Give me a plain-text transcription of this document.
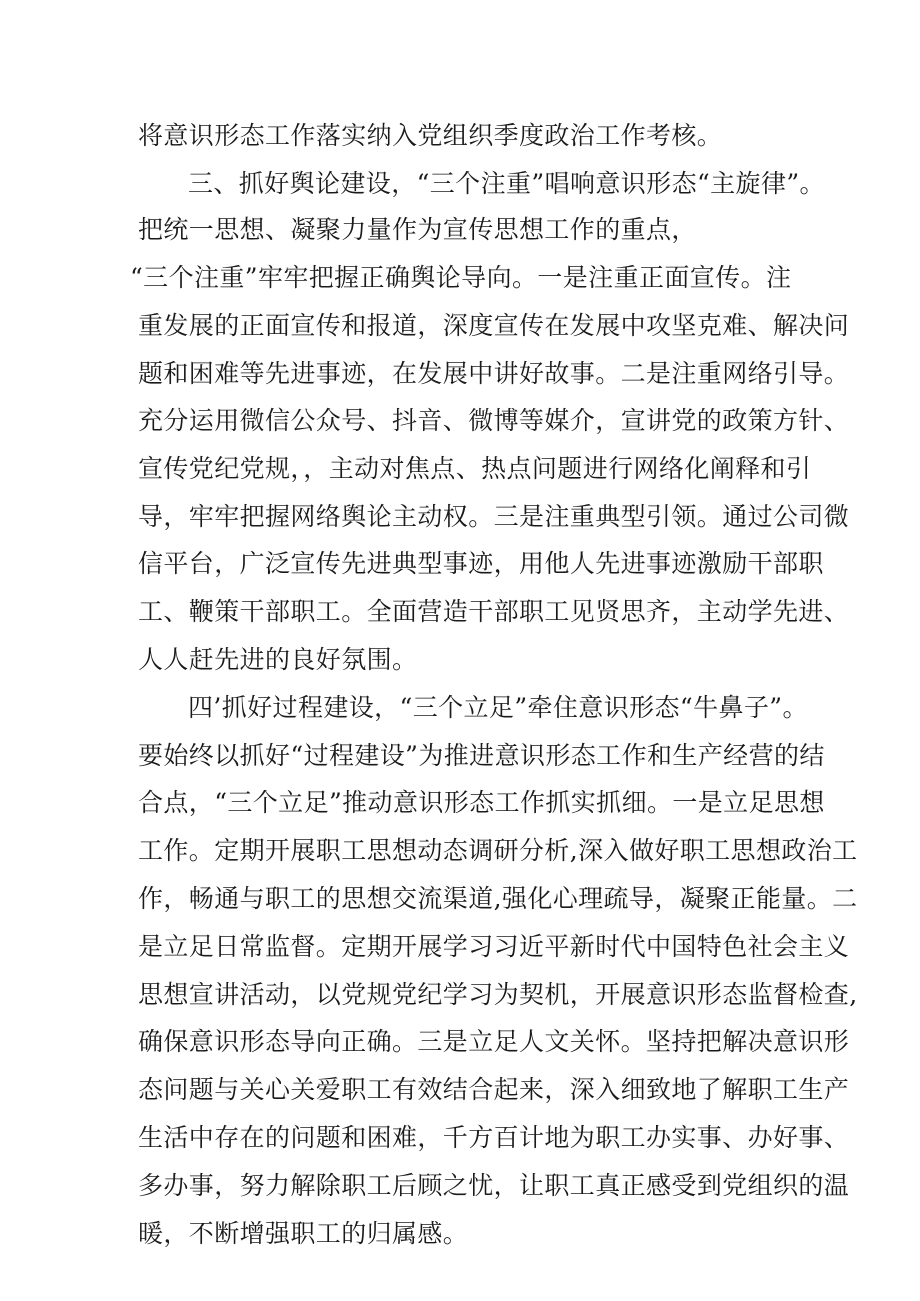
将意识形态工作落实纳入党组织季度政治工作考核。
三、抓好舆论建设，“三个注重”唱响意识形态“主旋律”。
把统一思想、凝聚力量作为宣传思想工作的重点，
“三个注重”牢牢把握正确舆论导向。一是注重正面宣传。注
重发展的正面宣传和报道，深度宣传在发展中攻坚克难、解决问
题和困难等先进事迹，在发展中讲好故事。二是注重网络引导。
充分运用微信公众号、抖音、微博等媒介，宣讲党的政策方针、
宣传党纪党规，，主动对焦点、热点问题进行网络化阐释和引
导，牢牢把握网络舆论主动权。三是注重典型引领。通过公司微
信平台，广泛宣传先进典型事迹，用他人先进事迹激励干部职
工、鞭策干部职工。全面营造干部职工见贤思齐，主动学先进、
人人赶先进的良好氛围。
四’抓好过程建设，“三个立足”牵住意识形态“牛鼻子”。
要始终以抓好“过程建设”为推进意识形态工作和生产经营的结
合点，“三个立足”推动意识形态工作抓实抓细。一是立足思想
工作。定期开展职工思想动态调研分析,深入做好职工思想政治工
作，畅通与职工的思想交流渠道,强化心理疏导，凝聚正能量。二
是立足日常监督。定期开展学习习近平新时代中国特色社会主义
思想宣讲活动，以党规党纪学习为契机，开展意识形态监督检查,
确保意识形态导向正确。三是立足人文关怀。坚持把解决意识形
态问题与关心关爱职工有效结合起来，深入细致地了解职工生产
生活中存在的问题和困难，千方百计地为职工办实事、办好事、
多办事，努力解除职工后顾之忧，让职工真正感受到党组织的温
暖，不断增强职工的归属感。
